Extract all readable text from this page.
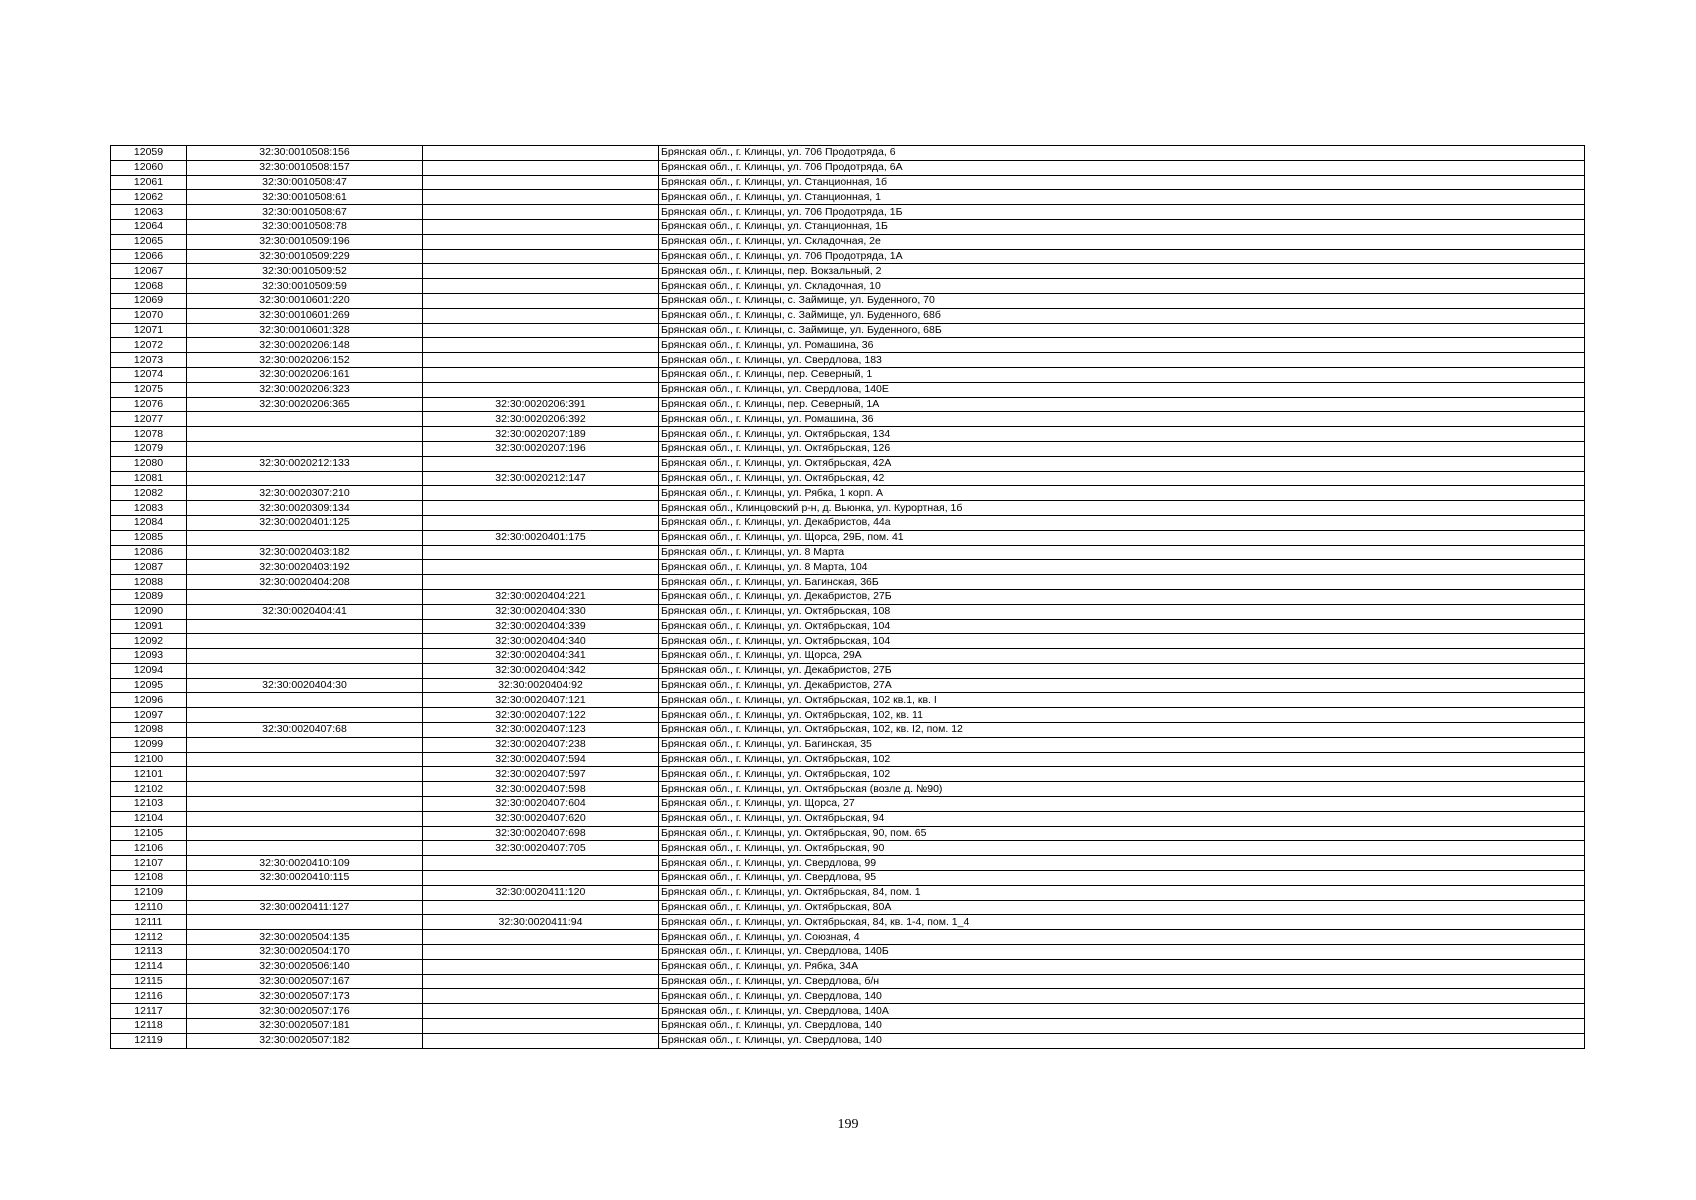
12059	32:30:0010508:156		Брянская обл., г. Клинцы, ул. 706 Продотряда, 6
12060	32:30:0010508:157		Брянская обл., г. Клинцы, ул. 706 Продотряда, 6А
12061	32:30:0010508:47		Брянская обл., г. Клинцы, ул. Станционная, 1б
12062	32:30:0010508:61		Брянская обл., г. Клинцы, ул. Станционная, 1
12063	32:30:0010508:67		Брянская обл., г. Клинцы, ул. 706 Продотряда, 1Б
12064	32:30:0010508:78		Брянская обл., г. Клинцы, ул. Станционная, 1Б
12065	32:30:0010509:196		Брянская обл., г. Клинцы, ул. Складочная, 2е
12066	32:30:0010509:229		Брянская обл., г. Клинцы, ул. 706 Продотряда, 1А
12067	32:30:0010509:52		Брянская обл., г. Клинцы, пер. Вокзальный, 2
12068	32:30:0010509:59		Брянская обл., г. Клинцы, ул. Складочная, 10
12069	32:30:0010601:220		Брянская обл., г. Клинцы, с. Займище, ул. Буденного, 70
12070	32:30:0010601:269		Брянская обл., г. Клинцы, с. Займище, ул. Буденного, 68б
12071	32:30:0010601:328		Брянская обл., г. Клинцы, с. Займище, ул. Буденного, 68Б
12072	32:30:0020206:148		Брянская обл., г. Клинцы, ул. Ромашина, 36
12073	32:30:0020206:152		Брянская обл., г. Клинцы, ул. Свердлова, 183
12074	32:30:0020206:161		Брянская обл., г. Клинцы, пер. Северный, 1
12075	32:30:0020206:323		Брянская обл., г. Клинцы, ул. Свердлова, 140Е
12076	32:30:0020206:365	32:30:0020206:391	Брянская обл., г. Клинцы, пер. Северный, 1А
12077		32:30:0020206:392	Брянская обл., г. Клинцы, ул. Ромашина, 36
12078		32:30:0020207:189	Брянская обл., г. Клинцы, ул. Октябрьская, 134
12079		32:30:0020207:196	Брянская обл., г. Клинцы, ул. Октябрьская, 126
12080	32:30:0020212:133		Брянская обл., г. Клинцы, ул. Октябрьская, 42А
12081		32:30:0020212:147	Брянская обл., г. Клинцы, ул. Октябрьская, 42
12082	32:30:0020307:210		Брянская обл., г. Клинцы, ул. Рябка, 1 корп. А
12083	32:30:0020309:134		Брянская обл., Клинцовский р-н, д. Вьюнка, ул. Курортная, 1б
12084	32:30:0020401:125		Брянская обл., г. Клинцы, ул. Декабристов, 44а
12085		32:30:0020401:175	Брянская обл., г. Клинцы, ул. Щорса, 29Б, пом. 41
12086	32:30:0020403:182		Брянская обл., г. Клинцы, ул. 8 Марта
12087	32:30:0020403:192		Брянская обл., г. Клинцы, ул. 8 Марта, 104
12088	32:30:0020404:208		Брянская обл., г. Клинцы, ул. Багинская, 36Б
12089		32:30:0020404:221	Брянская обл., г. Клинцы, ул. Декабристов, 27Б
12090	32:30:0020404:41	32:30:0020404:330	Брянская обл., г. Клинцы, ул. Октябрьская, 108
12091		32:30:0020404:339	Брянская обл., г. Клинцы, ул. Октябрьская, 104
12092		32:30:0020404:340	Брянская обл., г. Клинцы, ул. Октябрьская, 104
12093		32:30:0020404:341	Брянская обл., г. Клинцы, ул. Щорса, 29А
12094		32:30:0020404:342	Брянская обл., г. Клинцы, ул. Декабристов, 27Б
12095	32:30:0020404:30	32:30:0020404:92	Брянская обл., г. Клинцы, ул. Декабристов, 27А
12096		32:30:0020407:121	Брянская обл., г. Клинцы, ул. Октябрьская, 102 кв.1, кв. I
12097		32:30:0020407:122	Брянская обл., г. Клинцы, ул. Октябрьская, 102, кв. 11
12098	32:30:0020407:68	32:30:0020407:123	Брянская обл., г. Клинцы, ул. Октябрьская, 102, кв. I2, пом. 12
12099		32:30:0020407:238	Брянская обл., г. Клинцы, ул. Багинская, 35
12100		32:30:0020407:594	Брянская обл., г. Клинцы, ул. Октябрьская, 102
12101		32:30:0020407:597	Брянская обл., г. Клинцы, ул. Октябрьская, 102
12102		32:30:0020407:598	Брянская обл., г. Клинцы, ул. Октябрьская (возле д. №90)
12103		32:30:0020407:604	Брянская обл., г. Клинцы, ул. Щорса, 27
12104		32:30:0020407:620	Брянская обл., г. Клинцы, ул. Октябрьская, 94
12105		32:30:0020407:698	Брянская обл., г. Клинцы, ул. Октябрьская, 90, пом. 65
12106		32:30:0020407:705	Брянская обл., г. Клинцы, ул. Октябрьская, 90
12107	32:30:0020410:109		Брянская обл., г. Клинцы, ул. Свердлова, 99
12108	32:30:0020410:115		Брянская обл., г. Клинцы, ул. Свердлова, 95
12109		32:30:0020411:120	Брянская обл., г. Клинцы, ул. Октябрьская, 84, пом. 1
12110	32:30:0020411:127		Брянская обл., г. Клинцы, ул. Октябрьская, 80А
12111		32:30:0020411:94	Брянская обл., г. Клинцы, ул. Октябрьская, 84, кв. 1-4, пом. 1_4
12112	32:30:0020504:135		Брянская обл., г. Клинцы, ул. Союзная, 4
12113	32:30:0020504:170		Брянская обл., г. Клинцы, ул. Свердлова, 140Б
12114	32:30:0020506:140		Брянская обл., г. Клинцы, ул. Рябка, 34А
12115	32:30:0020507:167		Брянская обл., г. Клинцы, ул. Свердлова, б/н
12116	32:30:0020507:173		Брянская обл., г. Клинцы, ул. Свердлова, 140
12117	32:30:0020507:176		Брянская обл., г. Клинцы, ул. Свердлова, 140А
12118	32:30:0020507:181		Брянская обл., г. Клинцы, ул. Свердлова, 140
12119	32:30:0020507:182		Брянская обл., г. Клинцы, ул. Свердлова, 140
199
